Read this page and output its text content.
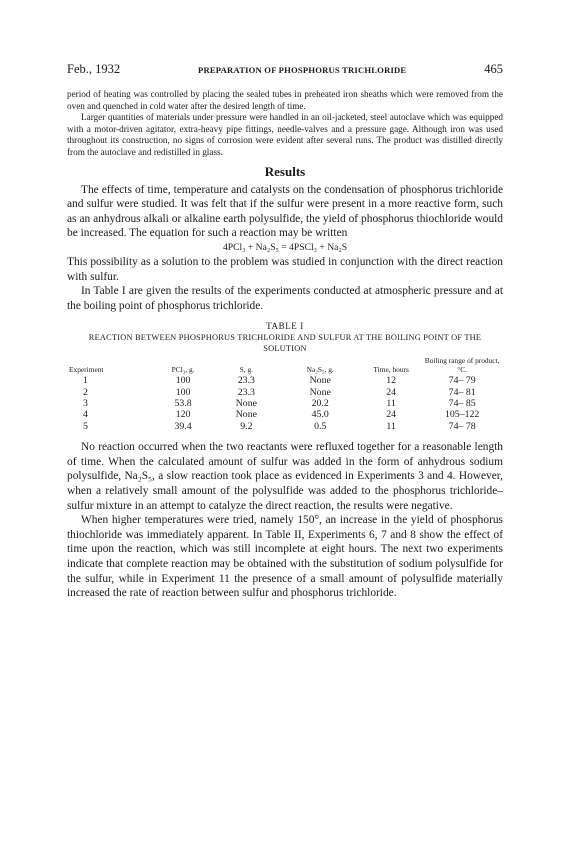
Feb., 1932	PREPARATION OF PHOSPHORUS TRICHLORIDE	465

period of heating was controlled by placing the sealed tubes in preheated iron sheaths which were removed from the oven and quenched in cold water after the desired length of time.

Larger quantities of materials under pressure were handled in an oil-jacketed, steel autoclave which was equipped with a motor-driven agitator, extra-heavy pipe fittings, needle-valves and a pressure gage. Although iron was used throughout its construction, no signs of corrosion were evident after several runs. The product was distilled directly from the autoclave and redistilled in glass.

Results

The effects of time, temperature and catalysts on the condensation of phosphorus trichloride and sulfur were studied. It was felt that if the sulfur were present in a more reactive form, such as an anhydrous alkali or alkaline earth polysulfide, the yield of phosphorus thiochloride would be increased. The equation for such a reaction may be written

4PCl₃ + Na₂S₅ = 4PSCl₃ + Na₂S

This possibility as a solution to the problem was studied in conjunction with the direct reaction with sulfur.

In Table I are given the results of the experiments conducted at atmospheric pressure and at the boiling point of phosphorus trichloride.

TABLE I
REACTION BETWEEN PHOSPHORUS TRICHLORIDE AND SULFUR AT THE BOILING POINT OF THE SOLUTION
Experiment	PCl₃, g.	S, g.	Na₂S₅, g.	Time, hours	Boiling range of product, °C.
1	100	23.3	None	12	74– 79
2	100	23.3	None	24	74– 81
3	53.8	None	20.2	11	74– 85
4	120	None	45.0	24	105–122
5	39.4	9.2	0.5	11	74– 78

No reaction occurred when the two reactants were refluxed together for a reasonable length of time. When the calculated amount of sulfur was added in the form of anhydrous sodium polysulfide, Na₂S₅, a slow reaction took place as evidenced in Experiments 3 and 4. However, when a relatively small amount of the polysulfide was added to the phosphorus trichloride–sulfur mixture in an attempt to catalyze the direct reaction, the results were negative.

When higher temperatures were tried, namely 150°, an increase in the yield of phosphorus thiochloride was immediately apparent. In Table II, Experiments 6, 7 and 8 show the effect of time upon the reaction, which was still incomplete at eight hours. The next two experiments indicate that complete reaction may be obtained with the substitution of sodium polysulfide for the sulfur, while in Experiment 11 the presence of a small amount of polysulfide materially increased the rate of reaction between sulfur and phosphorus trichloride.
